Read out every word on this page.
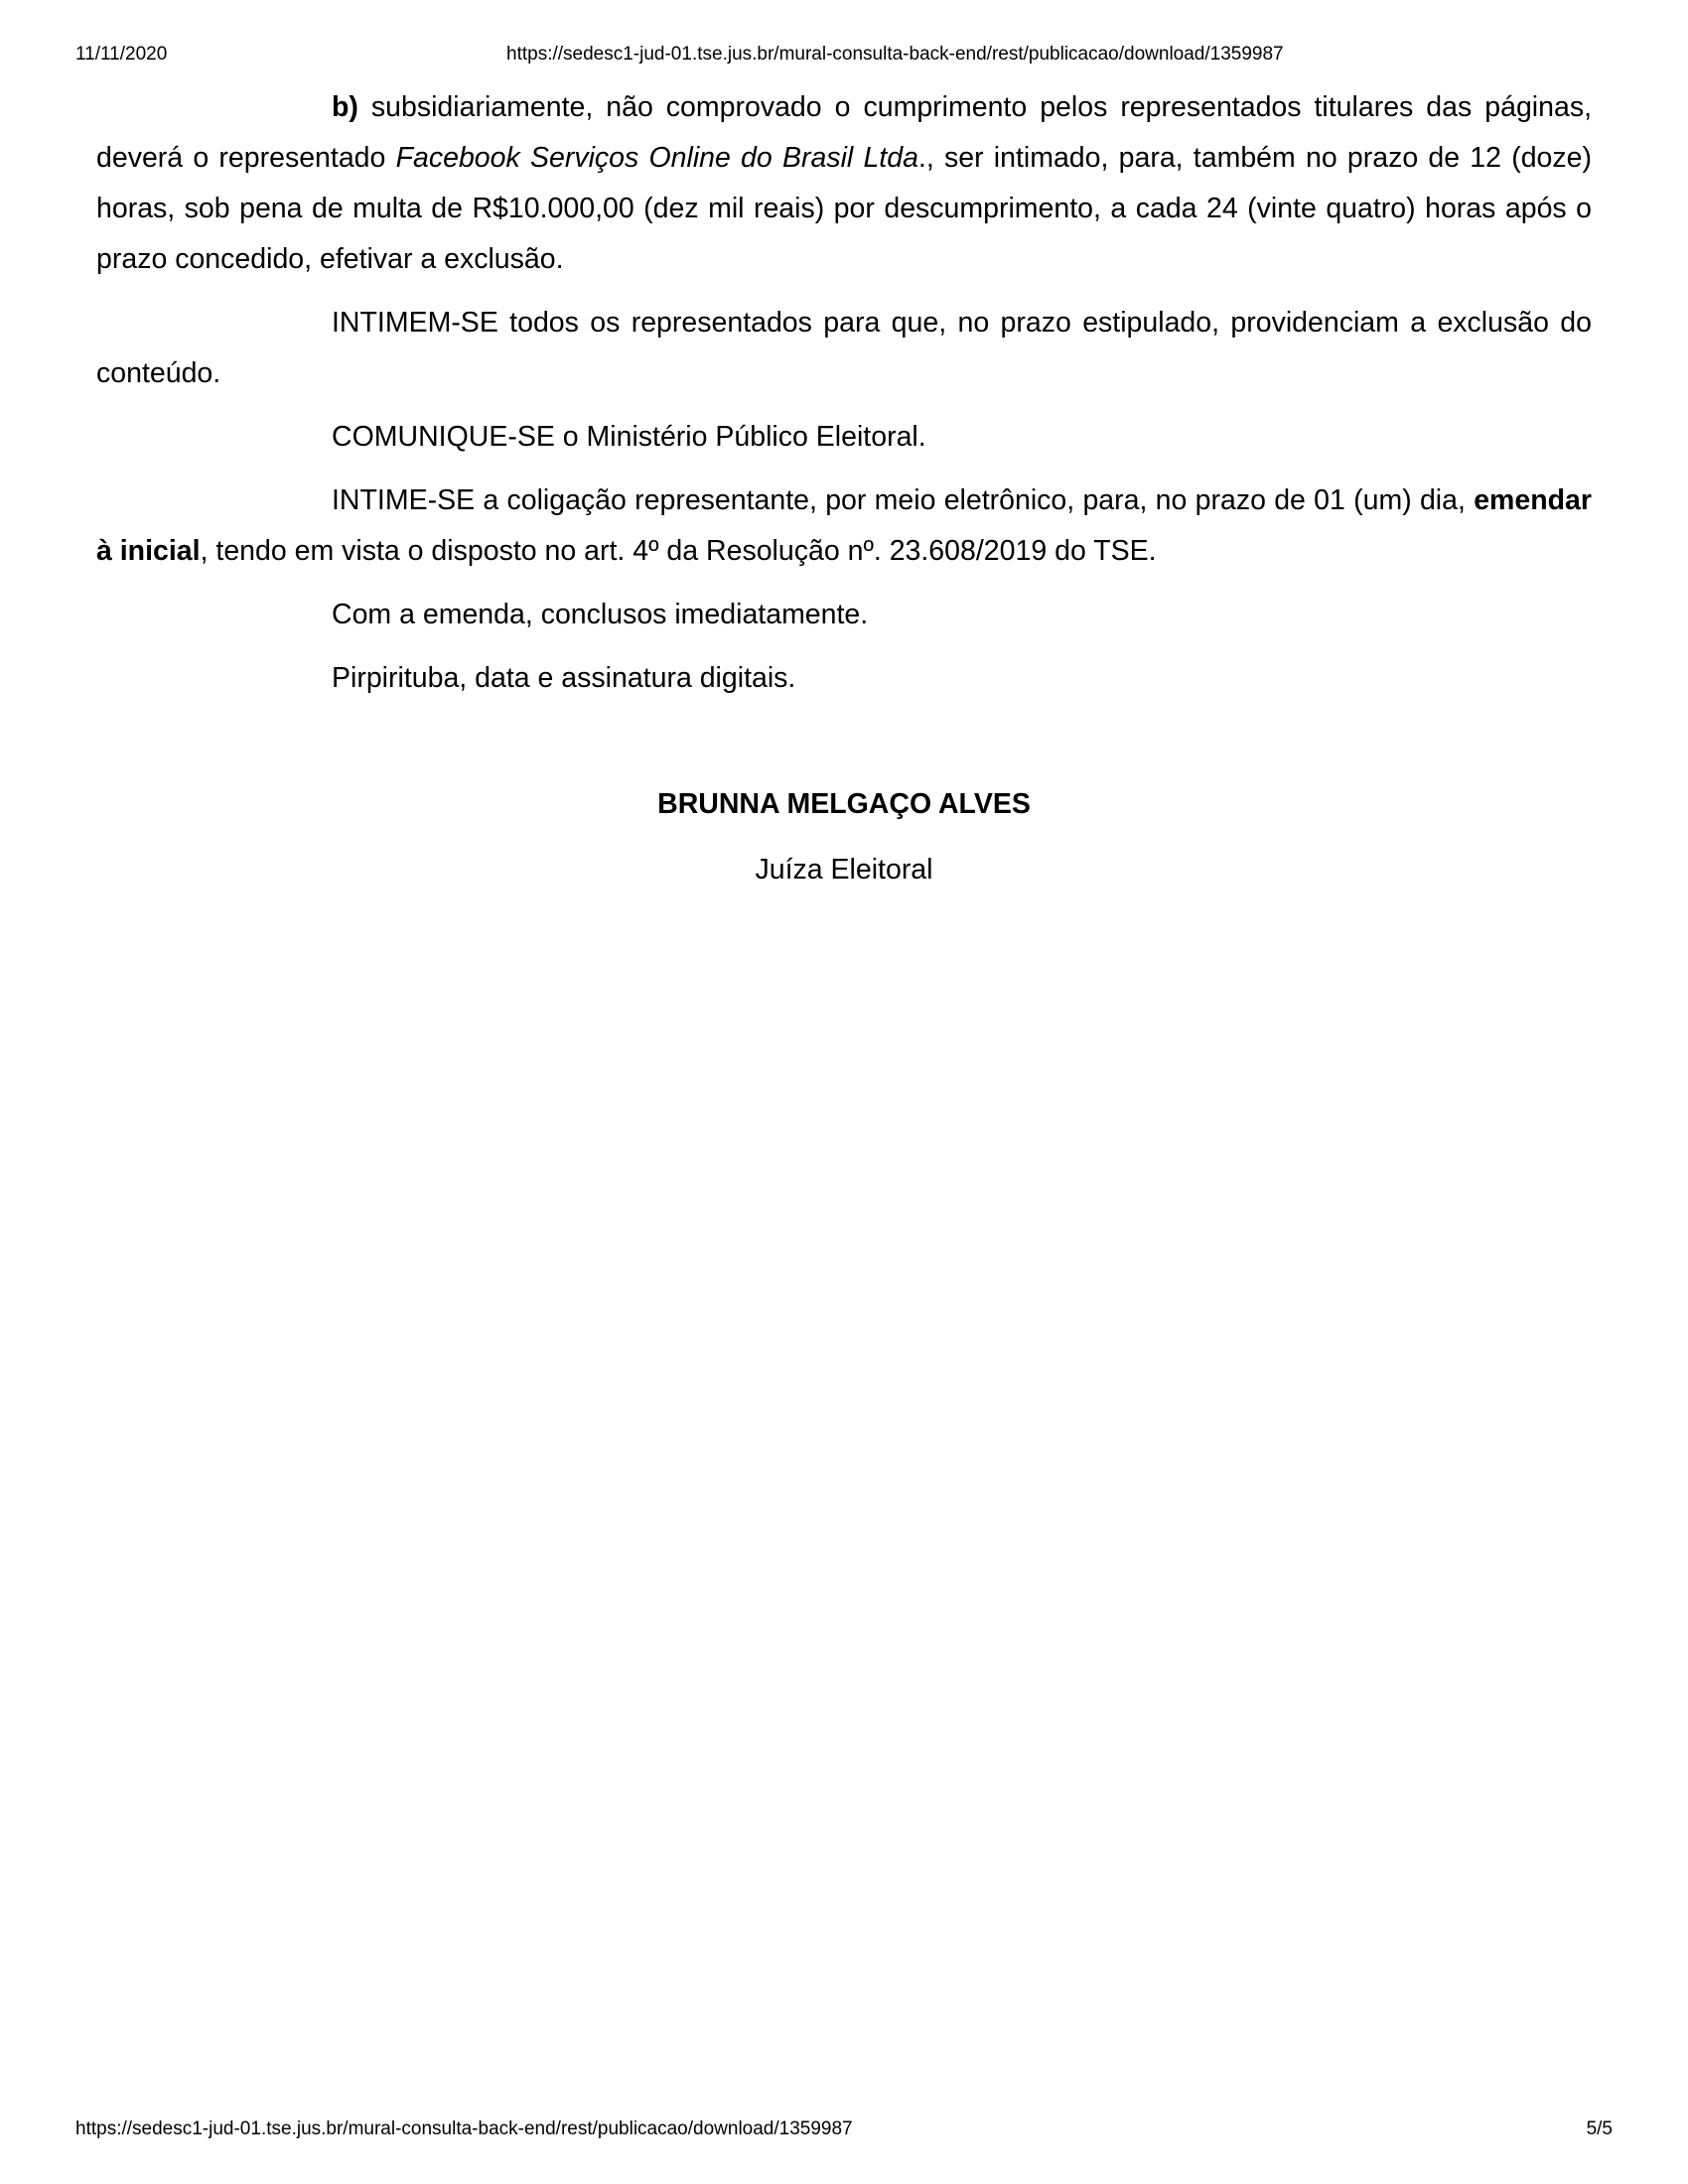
11/11/2020	https://sedesc1-jud-01.tse.jus.br/mural-consulta-back-end/rest/publicacao/download/1359987

b) subsidiariamente, não comprovado o cumprimento pelos representados titulares das páginas, deverá o representado Facebook Serviços Online do Brasil Ltda., ser intimado, para, também no prazo de 12 (doze) horas, sob pena de multa de R$10.000,00 (dez mil reais) por descumprimento, a cada 24 (vinte quatro) horas após o prazo concedido, efetivar a exclusão.

INTIMEM-SE todos os representados para que, no prazo estipulado, providenciam a exclusão do conteúdo.

COMUNIQUE-SE o Ministério Público Eleitoral.

INTIME-SE a coligação representante, por meio eletrônico, para, no prazo de 01 (um) dia, emendar à inicial, tendo em vista o disposto no art. 4º da Resolução nº. 23.608/2019 do TSE.

Com a emenda, conclusos imediatamente.

Pirpirituba, data e assinatura digitais.

BRUNNA MELGAÇO ALVES
Juíza Eleitoral
https://sedesc1-jud-01.tse.jus.br/mural-consulta-back-end/rest/publicacao/download/1359987	5/5
